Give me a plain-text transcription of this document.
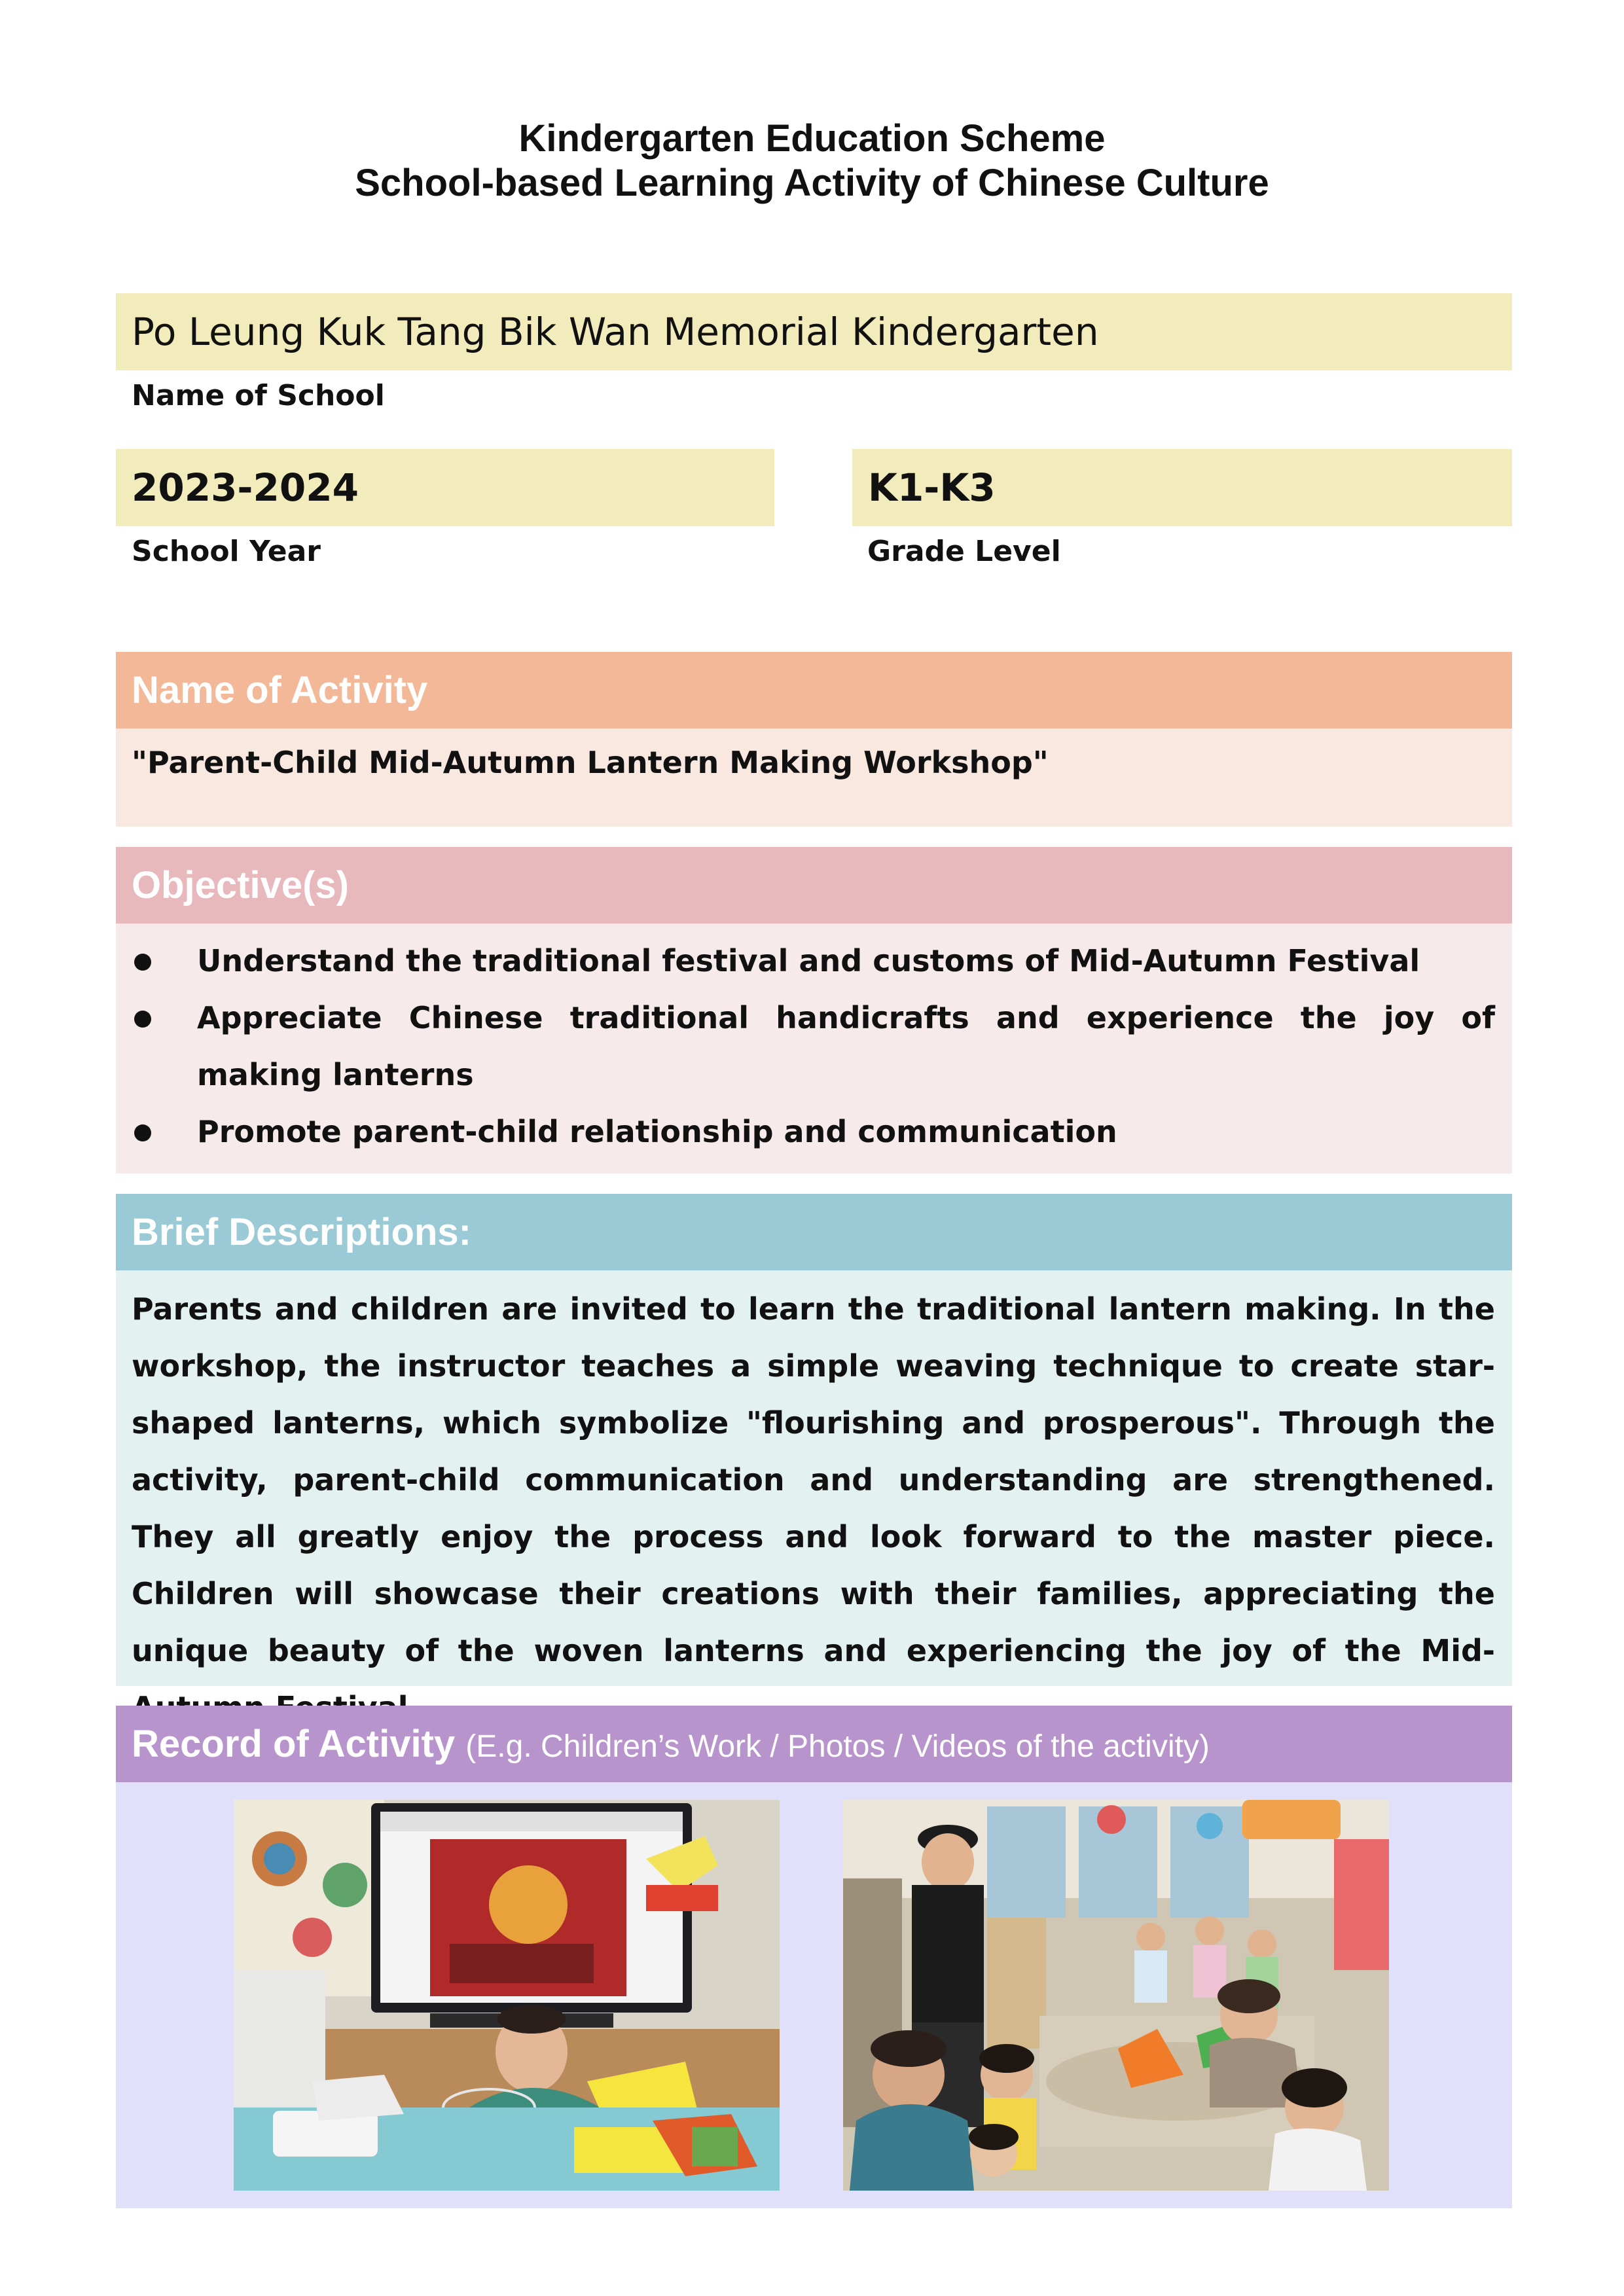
Kindergarten Education Scheme
School-based Learning Activity of Chinese Culture
Po Leung Kuk Tang Bik Wan Memorial Kindergarten
Name of School
2023-2024
School Year
K1-K3
Grade Level
Name of Activity
"Parent-Child Mid-Autumn Lantern Making Workshop"
Objective(s)
Understand the traditional festival and customs of Mid-Autumn Festival
Appreciate Chinese traditional handicrafts and experience the joy of making lanterns
Promote parent-child relationship and communication
Brief Descriptions:
Parents and children are invited to learn the traditional lantern making. In the workshop, the instructor teaches a simple weaving technique to create star-shaped lanterns, which symbolize "flourishing and prosperous". Through the activity, parent-child communication and understanding are strengthened. They all greatly enjoy the process and look forward to the master piece. Children will showcase their creations with their families, appreciating the unique beauty of the woven lanterns and experiencing the joy of the Mid-
Record of Activity (E.g. Children’s Work / Photos / Videos of the activity)
